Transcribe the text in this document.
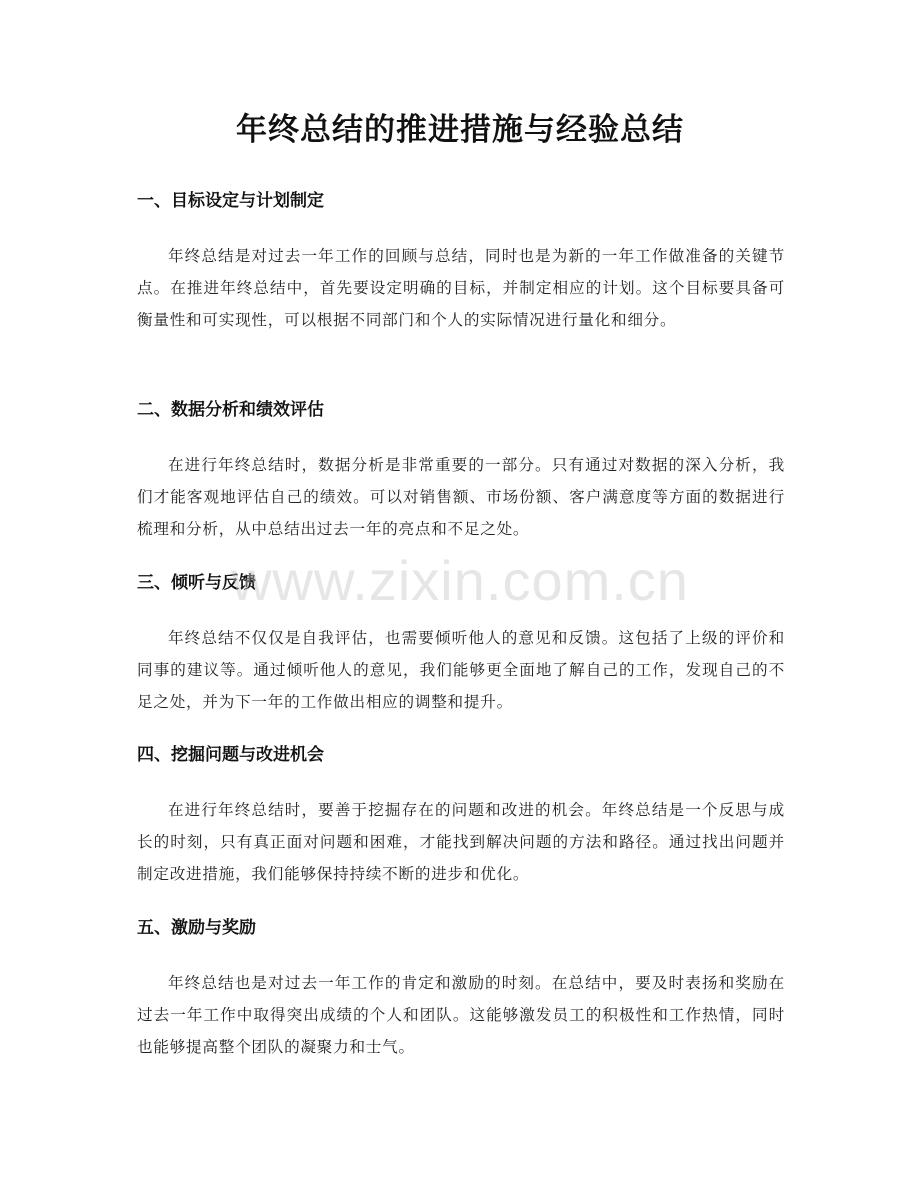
年终总结的推进措施与经验总结
一、目标设定与计划制定

年终总结是对过去一年工作的回顾与总结，同时也是为新的一年工作做准备的关键节点。在推进年终总结中，首先要设定明确的目标，并制定相应的计划。这个目标要具备可衡量性和可实现性，可以根据不同部门和个人的实际情况进行量化和细分。

二、数据分析和绩效评估

在进行年终总结时，数据分析是非常重要的一部分。只有通过对数据的深入分析，我们才能客观地评估自己的绩效。可以对销售额、市场份额、客户满意度等方面的数据进行梳理和分析，从中总结出过去一年的亮点和不足之处。

三、倾听与反馈

年终总结不仅仅是自我评估，也需要倾听他人的意见和反馈。这包括了上级的评价和同事的建议等。通过倾听他人的意见，我们能够更全面地了解自己的工作，发现自己的不足之处，并为下一年的工作做出相应的调整和提升。

四、挖掘问题与改进机会

在进行年终总结时，要善于挖掘存在的问题和改进的机会。年终总结是一个反思与成长的时刻，只有真正面对问题和困难，才能找到解决问题的方法和路径。通过找出问题并制定改进措施，我们能够保持持续不断的进步和优化。

五、激励与奖励

年终总结也是对过去一年工作的肯定和激励的时刻。在总结中，要及时表扬和奖励在过去一年工作中取得突出成绩的个人和团队。这能够激发员工的积极性和工作热情，同时也能够提高整个团队的凝聚力和士气。

www.zixin.com.cn
